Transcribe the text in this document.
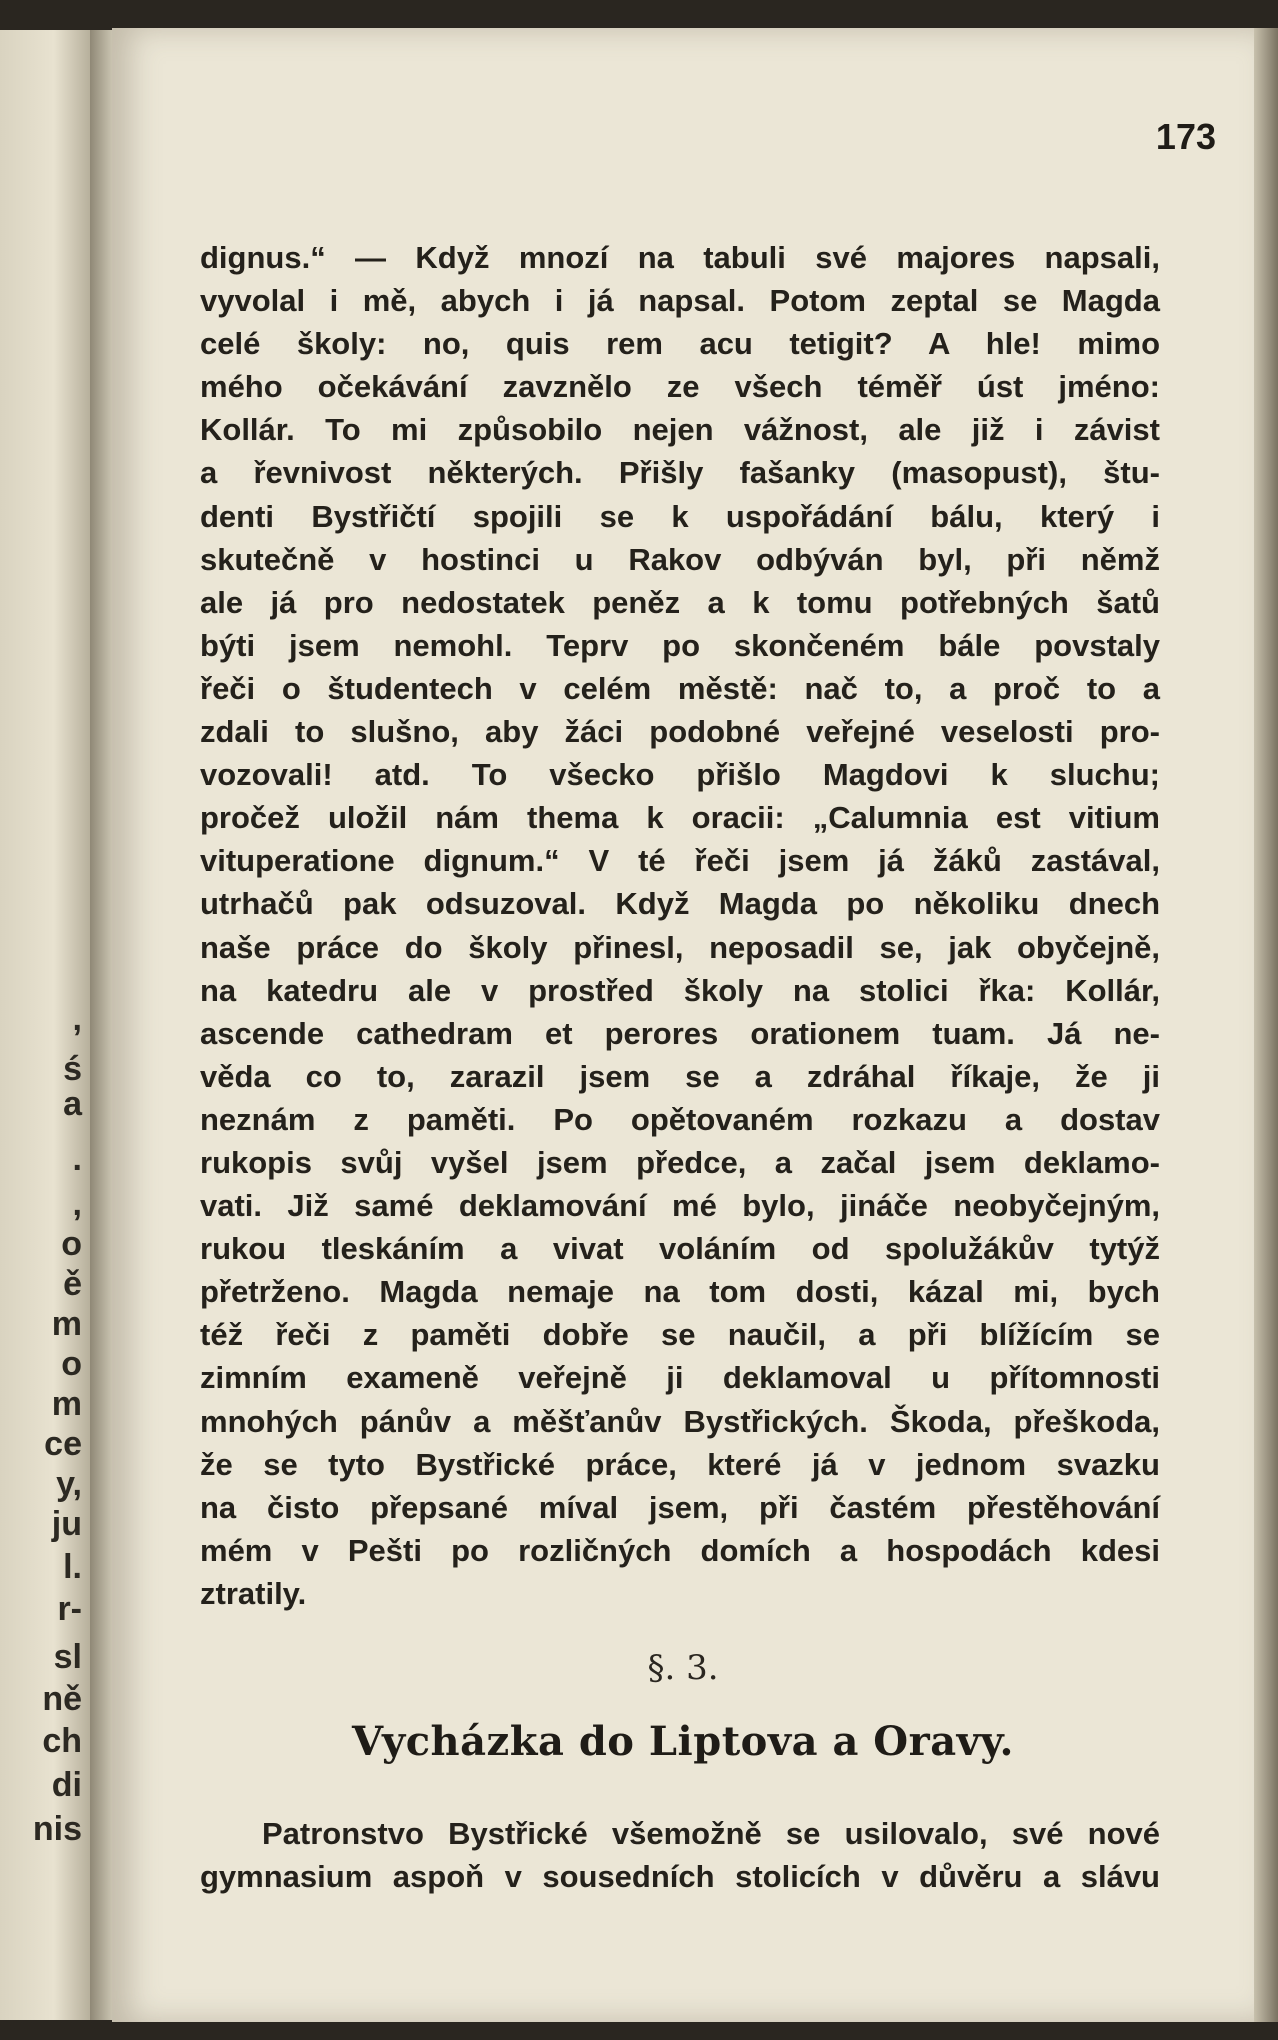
,
ś
a
.
,
o
ě
m
o
m
ce
y,
ju
l.
r-
sl
ně
ch
di
nis
173
dignus.“ — Když mnozí na tabuli své majores napsali,
vyvolal i mě, abych i já napsal. Potom zeptal se Magda
celé školy: no, quis rem acu tetigit? A hle! mimo
mého očekávání zavznělo ze všech téměř úst jméno:
Kollár. To mi způsobilo nejen vážnost, ale již i závist
a řevnivost některých. Přišly fašanky (masopust), štu-
denti Bystřičtí spojili se k uspořádání bálu, který i
skutečně v hostinci u Rakov odbýván byl, při němž
ale já pro nedostatek peněz a k tomu potřebných šatů
býti jsem nemohl. Teprv po skončeném bále povstaly
řeči o študentech v celém městě: nač to, a proč to a
zdali to slušno, aby žáci podobné veřejné veselosti pro-
vozovali! atd. To všecko přišlo Magdovi k sluchu;
pročež uložil nám thema k oracii: „Calumnia est vitium
vituperatione dignum.“ V té řeči jsem já žáků zastával,
utrhačů pak odsuzoval. Když Magda po několiku dnech
naše práce do školy přinesl, neposadil se, jak obyčejně,
na katedru ale v prostřed školy na stolici řka: Kollár,
ascende cathedram et perores orationem tuam. Já ne-
věda co to, zarazil jsem se a zdráhal říkaje, že ji
neznám z paměti. Po opětovaném rozkazu a dostav
rukopis svůj vyšel jsem předce, a začal jsem deklamo-
vati. Již samé deklamování mé bylo, jináče neobyčejným,
rukou tleskáním a vivat voláním od spolužákův tytýž
přetrženo. Magda nemaje na tom dosti, kázal mi, bych
též řeči z paměti dobře se naučil, a při blížícím se
zimním exameně veřejně ji deklamoval u přítomnosti
mnohých pánův a měšťanův Bystřických. Škoda, přeškoda,
že se tyto Bystřické práce, které já v jednom svazku
na čisto přepsané míval jsem, při častém přestěhování
mém v Pešti po rozličných domích a hospodách kdesi
ztratily.
§. 3.
Vycházka do Liptova a Oravy.
Patronstvo Bystřické všemožně se usilovalo, své nové
gymnasium aspoň v sousedních stolicích v důvěru a slávu
